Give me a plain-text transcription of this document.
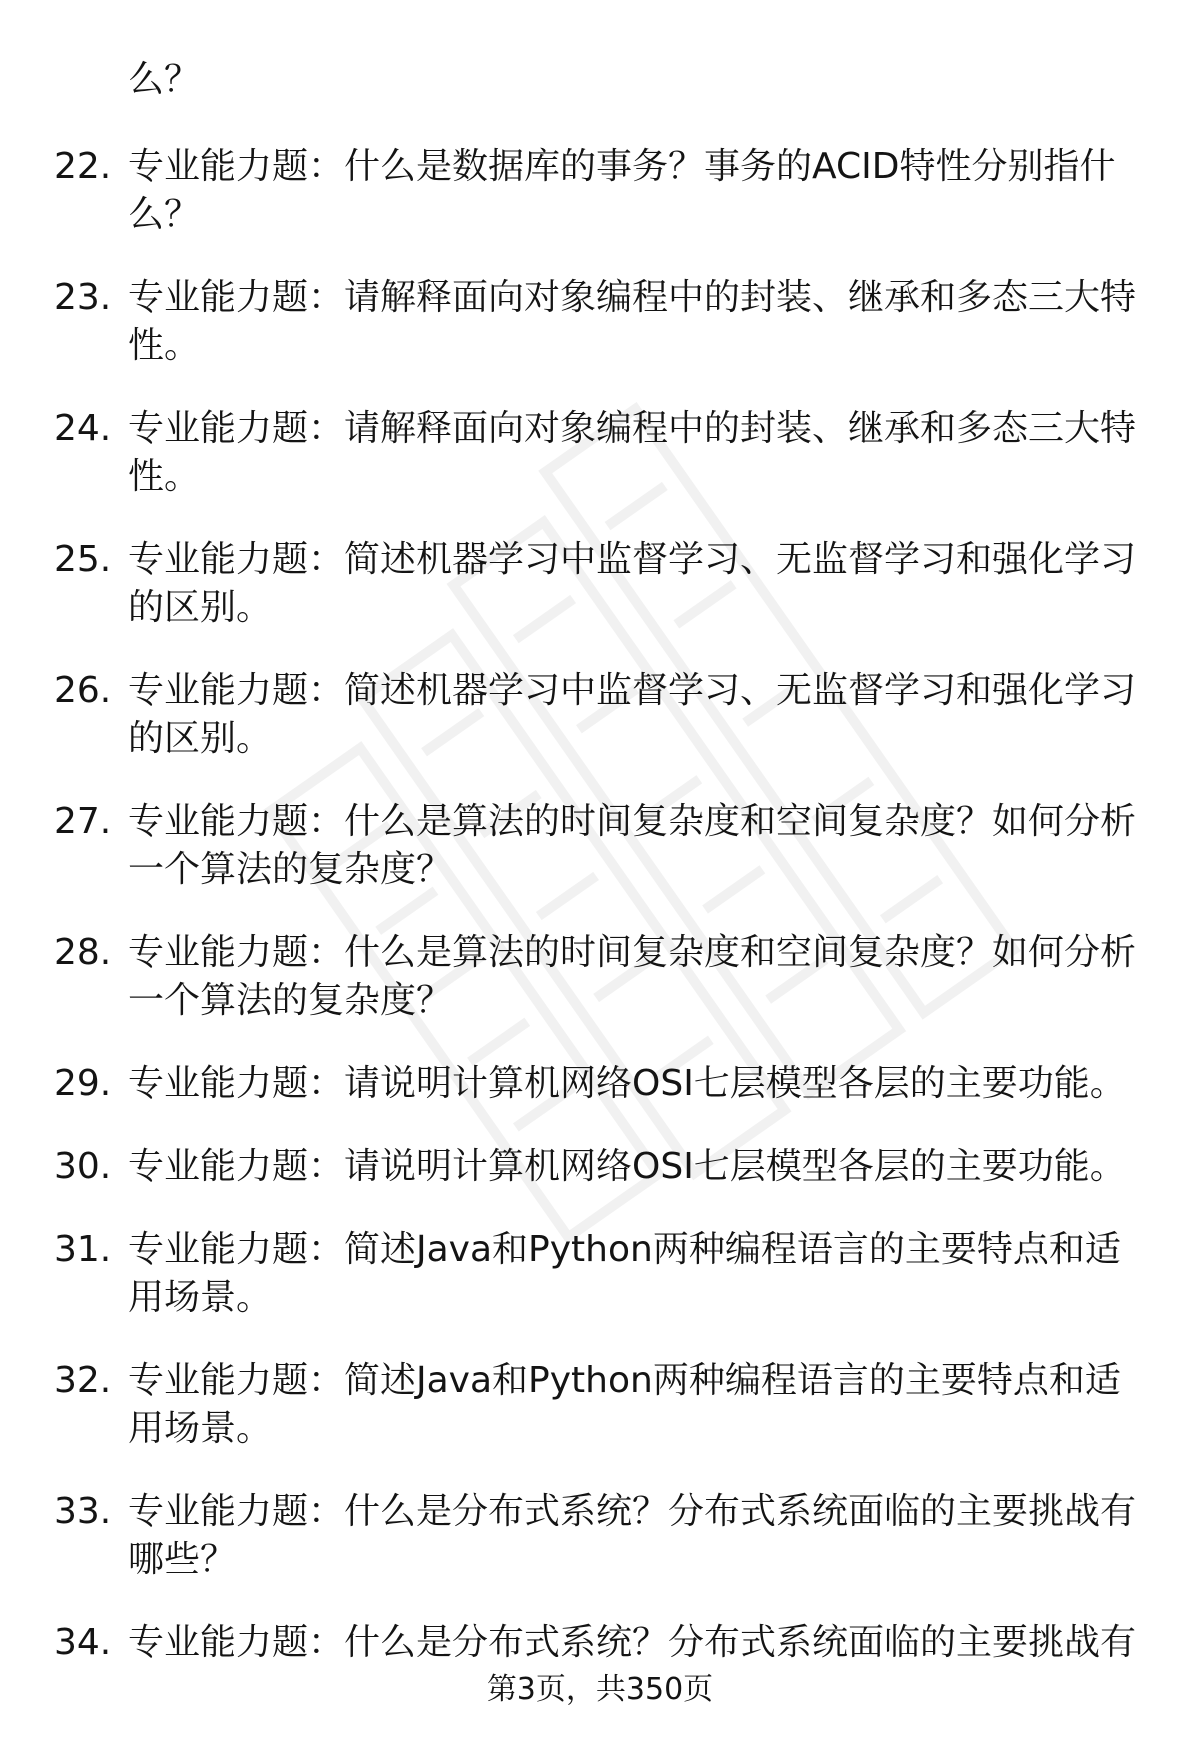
么？
22. 专业能力题：什么是数据库的事务？事务的ACID特性分别指什么？
23. 专业能力题：请解释面向对象编程中的封装、继承和多态三大特性。
24. 专业能力题：请解释面向对象编程中的封装、继承和多态三大特性。
25. 专业能力题：简述机器学习中监督学习、无监督学习和强化学习的区别。
26. 专业能力题：简述机器学习中监督学习、无监督学习和强化学习的区别。
27. 专业能力题：什么是算法的时间复杂度和空间复杂度？如何分析一个算法的复杂度？
28. 专业能力题：什么是算法的时间复杂度和空间复杂度？如何分析一个算法的复杂度？
29. 专业能力题：请说明计算机网络OSI七层模型各层的主要功能。
30. 专业能力题：请说明计算机网络OSI七层模型各层的主要功能。
31. 专业能力题：简述Java和Python两种编程语言的主要特点和适用场景。
32. 专业能力题：简述Java和Python两种编程语言的主要特点和适用场景。
33. 专业能力题：什么是分布式系统？分布式系统面临的主要挑战有哪些？
34. 专业能力题：什么是分布式系统？分布式系统面临的主要挑战有
第3页，共350页
